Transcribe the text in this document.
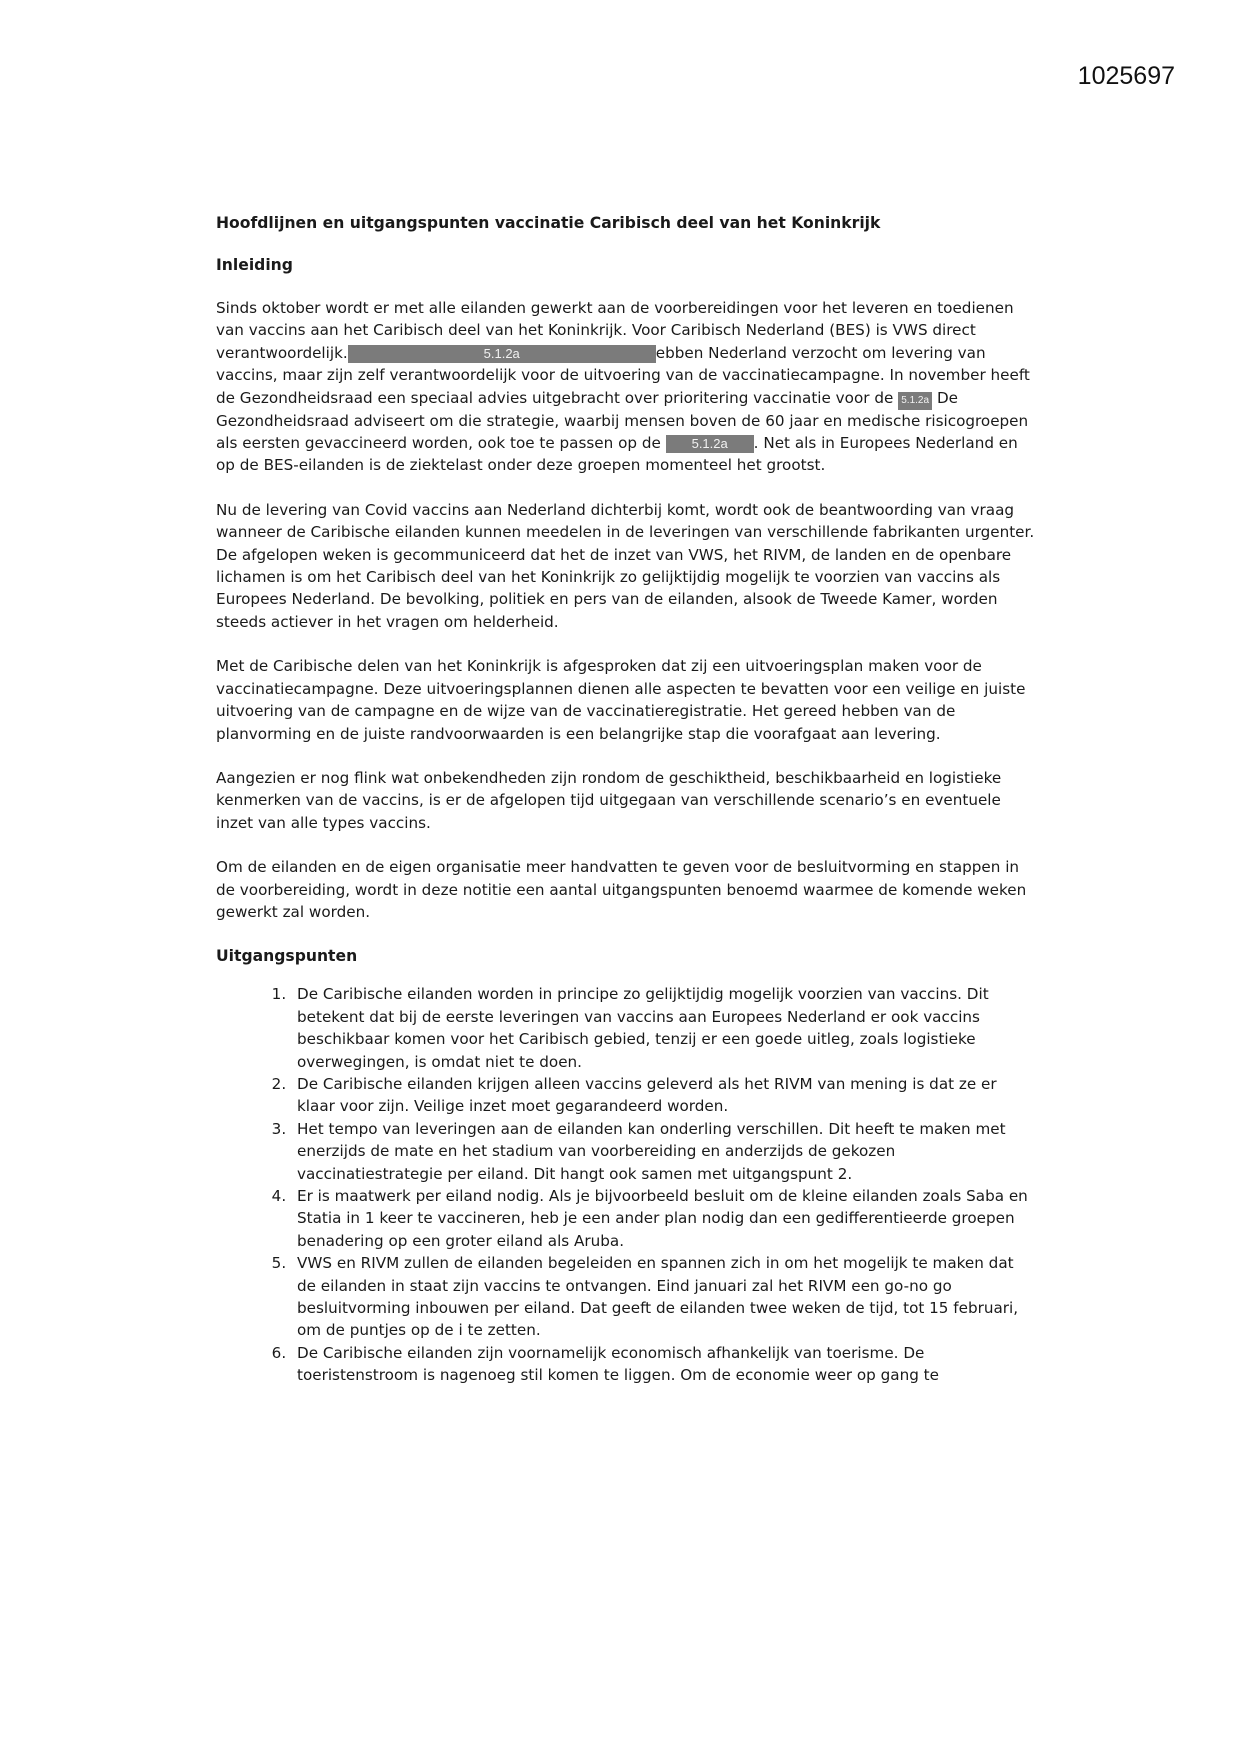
1025697
Hoofdlijnen en uitgangspunten vaccinatie Caribisch deel van het Koninkrijk
Inleiding

Sinds oktober wordt er met alle eilanden gewerkt aan de voorbereidingen voor het leveren en toedienen van vaccins aan het Caribisch deel van het Koninkrijk. Voor Caribisch Nederland (BES) is VWS direct verantwoordelijk.	5.1.2a	ebben Nederland verzocht om levering van vaccins, maar zijn zelf verantwoordelijk voor de uitvoering van de vaccinatiecampagne. In november heeft de Gezondheidsraad een speciaal advies uitgebracht over prioritering vaccinatie voor de 5.1.2a De Gezondheidsraad adviseert om die strategie, waarbij mensen boven de 60 jaar en medische risicogroepen als eersten gevaccineerd worden, ook toe te passen op de 5.1.2a . Net als in Europees Nederland en op de BES-eilanden is de ziektelast onder deze groepen momenteel het grootst.

Nu de levering van Covid vaccins aan Nederland dichterbij komt, wordt ook de beantwoording van vraag wanneer de Caribische eilanden kunnen meedelen in de leveringen van verschillende fabrikanten urgenter. De afgelopen weken is gecommuniceerd dat het de inzet van VWS, het RIVM, de landen en de openbare lichamen is om het Caribisch deel van het Koninkrijk zo gelijktijdig mogelijk te voorzien van vaccins als Europees Nederland. De bevolking, politiek en pers van de eilanden, alsook de Tweede Kamer, worden steeds actiever in het vragen om helderheid.

Met de Caribische delen van het Koninkrijk is afgesproken dat zij een uitvoeringsplan maken voor de vaccinatiecampagne. Deze uitvoeringsplannen dienen alle aspecten te bevatten voor een veilige en juiste uitvoering van de campagne en de wijze van de vaccinatieregistratie. Het gereed hebben van de planvorming en de juiste randvoorwaarden is een belangrijke stap die voorafgaat aan levering.

Aangezien er nog flink wat onbekendheden zijn rondom de geschiktheid, beschikbaarheid en logistieke kenmerken van de vaccins, is er de afgelopen tijd uitgegaan van verschillende scenario’s en eventuele inzet van alle types vaccins.

Om de eilanden en de eigen organisatie meer handvatten te geven voor de besluitvorming en stappen in de voorbereiding, wordt in deze notitie een aantal uitgangspunten benoemd waarmee de komende weken gewerkt zal worden.

Uitgangspunten
1. De Caribische eilanden worden in principe zo gelijktijdig mogelijk voorzien van vaccins. Dit betekent dat bij de eerste leveringen van vaccins aan Europees Nederland er ook vaccins beschikbaar komen voor het Caribisch gebied, tenzij er een goede uitleg, zoals logistieke overwegingen, is omdat niet te doen.
2. De Caribische eilanden krijgen alleen vaccins geleverd als het RIVM van mening is dat ze er klaar voor zijn. Veilige inzet moet gegarandeerd worden.
3. Het tempo van leveringen aan de eilanden kan onderling verschillen. Dit heeft te maken met enerzijds de mate en het stadium van voorbereiding en anderzijds de gekozen vaccinatiestrategie per eiland. Dit hangt ook samen met uitgangspunt 2.
4. Er is maatwerk per eiland nodig. Als je bijvoorbeeld besluit om de kleine eilanden zoals Saba en Statia in 1 keer te vaccineren, heb je een ander plan nodig dan een gedifferentieerde groepen benadering op een groter eiland als Aruba.
5. VWS en RIVM zullen de eilanden begeleiden en spannen zich in om het mogelijk te maken dat de eilanden in staat zijn vaccins te ontvangen. Eind januari zal het RIVM een go-no go besluitvorming inbouwen per eiland. Dat geeft de eilanden twee weken de tijd, tot 15 februari, om de puntjes op de i te zetten.
6. De Caribische eilanden zijn voornamelijk economisch afhankelijk van toerisme. De toeristenstroom is nagenoeg stil komen te liggen. Om de economie weer op gang te
